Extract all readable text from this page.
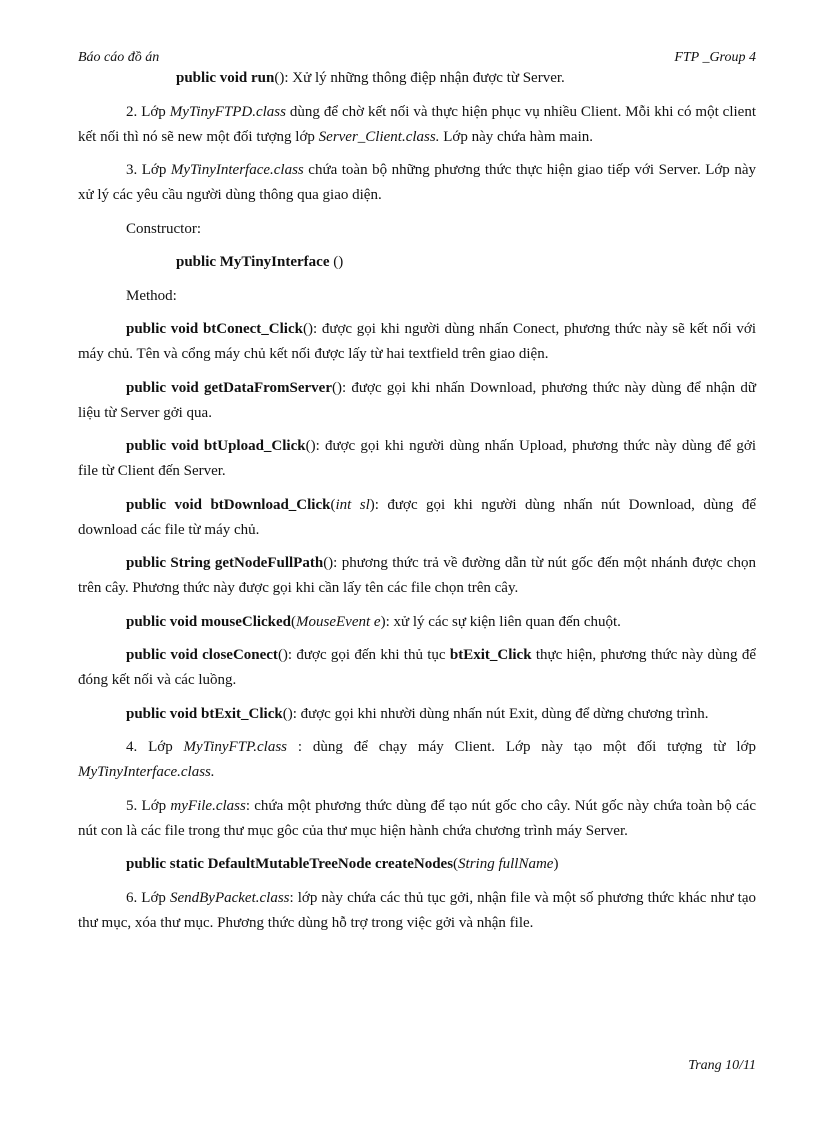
Báo cáo đồ án	FTP _Group 4

public void run(): Xử lý những thông điệp nhận được từ Server.

2. Lớp MyTinyFTPD.class dùng để chờ kết nối và thực hiện phục vụ nhiều Client. Mỗi khi có một client kết nối thì nó sẽ new một đối tượng lớp Server_Client.class. Lớp này chứa hàm main.

3. Lớp MyTinyInterface.class chứa toàn bộ những phương thức thực hiện giao tiếp với Server. Lớp này xử lý các yêu cầu người dùng thông qua giao diện.

Constructor:

public MyTinyInterface ()

Method:

public void btConect_Click(): được gọi khi người dùng nhấn Conect, phương thức này sẽ kết nối với máy chủ. Tên và cổng máy chủ kết nối được lấy từ hai textfield trên giao diện.

public void getDataFromServer(): được gọi khi nhấn Download, phương thức này dùng để nhận dữ liệu từ Server gởi qua.

public void btUpload_Click(): được gọi khi người dùng nhấn Upload, phương thức này dùng để gởi file từ Client đến Server.

public void btDownload_Click(int sl): được gọi khi người dùng nhấn nút Download, dùng để download các file từ máy chủ.

public String getNodeFullPath(): phương thức trả về đường dẫn từ nút gốc đến một nhánh được chọn trên cây. Phương thức này được gọi khi cần lấy tên các file chọn trên cây.

public void mouseClicked(MouseEvent e): xử lý các sự kiện liên quan đến chuột.

public void closeConect(): được gọi đến khi thủ tục btExit_Click thực hiện, phương thức này dùng để đóng kết nối và các luồng.

public void btExit_Click(): được gọi khi nhười dùng nhấn nút Exit, dùng để dừng chương trình.

4. Lớp MyTinyFTP.class : dùng để chạy máy Client. Lớp này tạo một đối tượng từ lớp MyTinyInterface.class.

5. Lớp myFile.class: chứa một phương thức dùng để tạo nút gốc cho cây. Nút gốc này chứa toàn bộ các nút con là các file trong thư mục gôc của thư mục hiện hành chứa chương trình máy Server.

public static DefaultMutableTreeNode createNodes(String fullName)

6. Lớp SendByPacket.class: lớp này chứa các thủ tục gởi, nhận file và một số phương thức khác như tạo thư mục, xóa thư mục. Phương thức dùng hỗ trợ trong việc gởi và nhận file.

Trang 10/11
